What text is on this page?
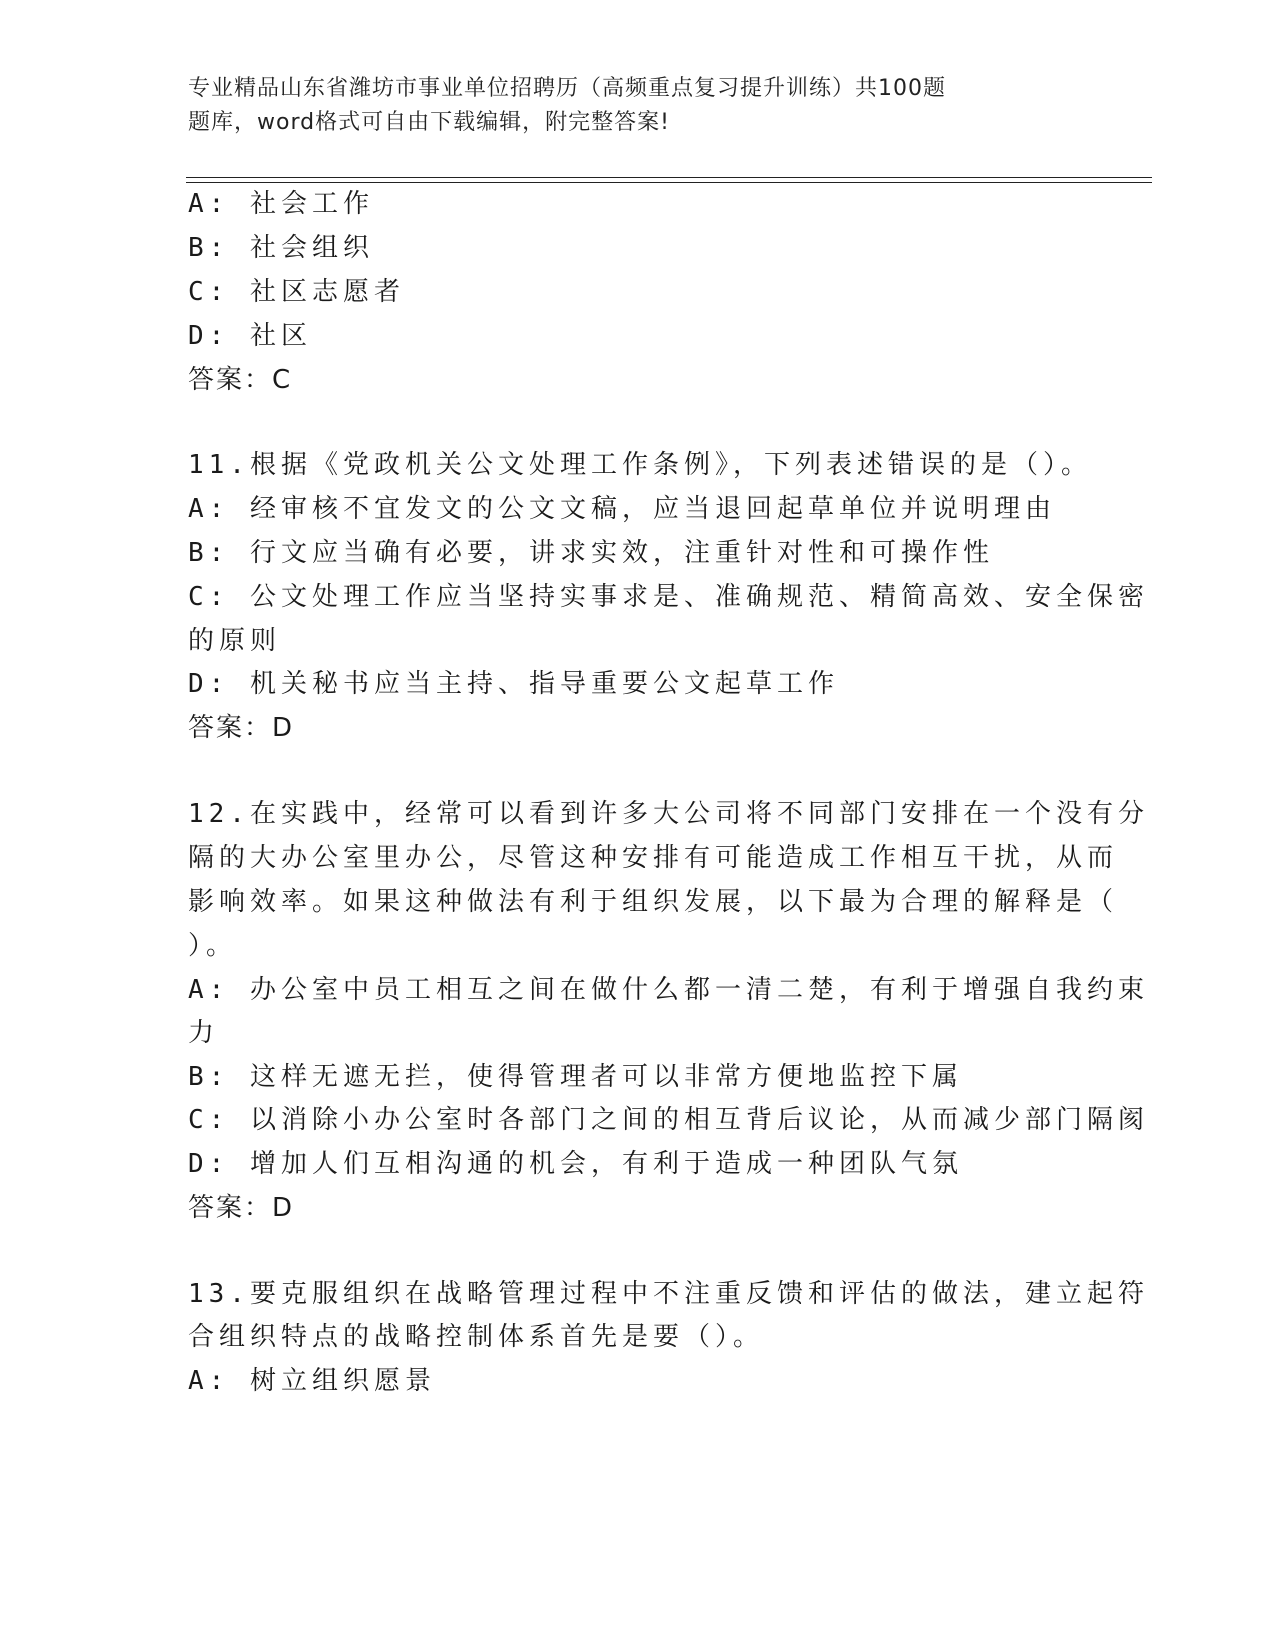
专业精品山东省潍坊市事业单位招聘历（高频重点复习提升训练）共100题
题库，word格式可自由下载编辑，附完整答案!
A: 社会工作
B: 社会组织
C: 社区志愿者
D: 社区
答案：C
11.根据《党政机关公文处理工作条例》，下列表述错误的是（）。
A: 经审核不宜发文的公文文稿，应当退回起草单位并说明理由
B: 行文应当确有必要，讲求实效，注重针对性和可操作性
C: 公文处理工作应当坚持实事求是、准确规范、精简高效、安全保密
的原则
D: 机关秘书应当主持、指导重要公文起草工作
答案：D
12.在实践中，经常可以看到许多大公司将不同部门安排在一个没有分
隔的大办公室里办公，尽管这种安排有可能造成工作相互干扰，从而
影响效率。如果这种做法有利于组织发展，以下最为合理的解释是（
）。
A: 办公室中员工相互之间在做什么都一清二楚，有利于增强自我约束
力
B: 这样无遮无拦，使得管理者可以非常方便地监控下属
C: 以消除小办公室时各部门之间的相互背后议论，从而减少部门隔阂
D: 增加人们互相沟通的机会，有利于造成一种团队气氛
答案：D
13.要克服组织在战略管理过程中不注重反馈和评估的做法，建立起符
合组织特点的战略控制体系首先是要（）。
A: 树立组织愿景
